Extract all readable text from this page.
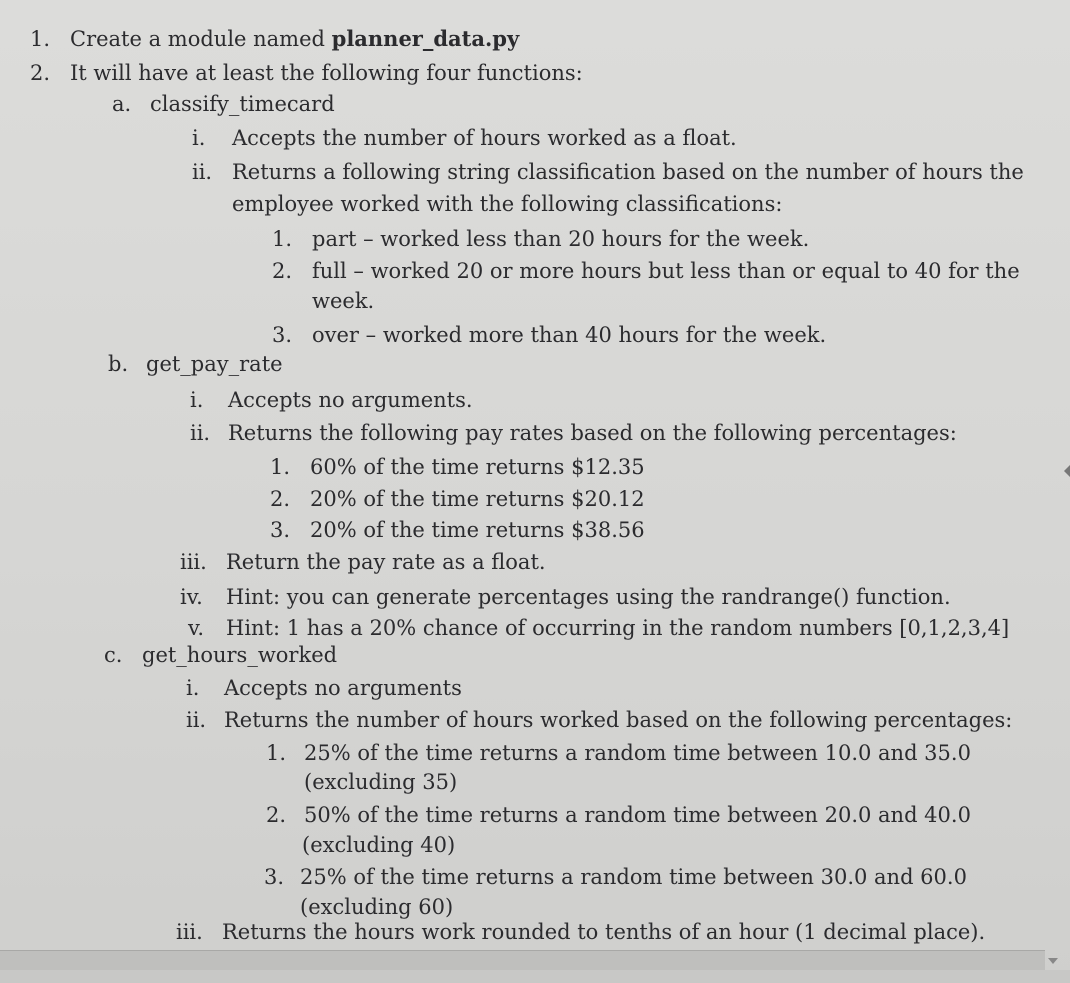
1. Create a module named planner_data.py
2. It will have at least the following four functions:
a. classify_timecard
i. Accepts the number of hours worked as a float.
ii. Returns a following string classification based on the number of hours the
employee worked with the following classifications:
1. part – worked less than 20 hours for the week.
2. full – worked 20 or more hours but less than or equal to 40 for the
week.
3. over – worked more than 40 hours for the week.
b. get_pay_rate
i. Accepts no arguments.
ii. Returns the following pay rates based on the following percentages:
1. 60% of the time returns $12.35
2. 20% of the time returns $20.12
3. 20% of the time returns $38.56
iii. Return the pay rate as a float.
iv. Hint: you can generate percentages using the randrange() function.
v. Hint: 1 has a 20% chance of occurring in the random numbers [0,1,2,3,4]
c. get_hours_worked
i. Accepts no arguments
ii. Returns the number of hours worked based on the following percentages:
1. 25% of the time returns a random time between 10.0 and 35.0
(excluding 35)
2. 50% of the time returns a random time between 20.0 and 40.0
(excluding 40)
3. 25% of the time returns a random time between 30.0 and 60.0
(excluding 60)
iii. Returns the hours work rounded to tenths of an hour (1 decimal place).
